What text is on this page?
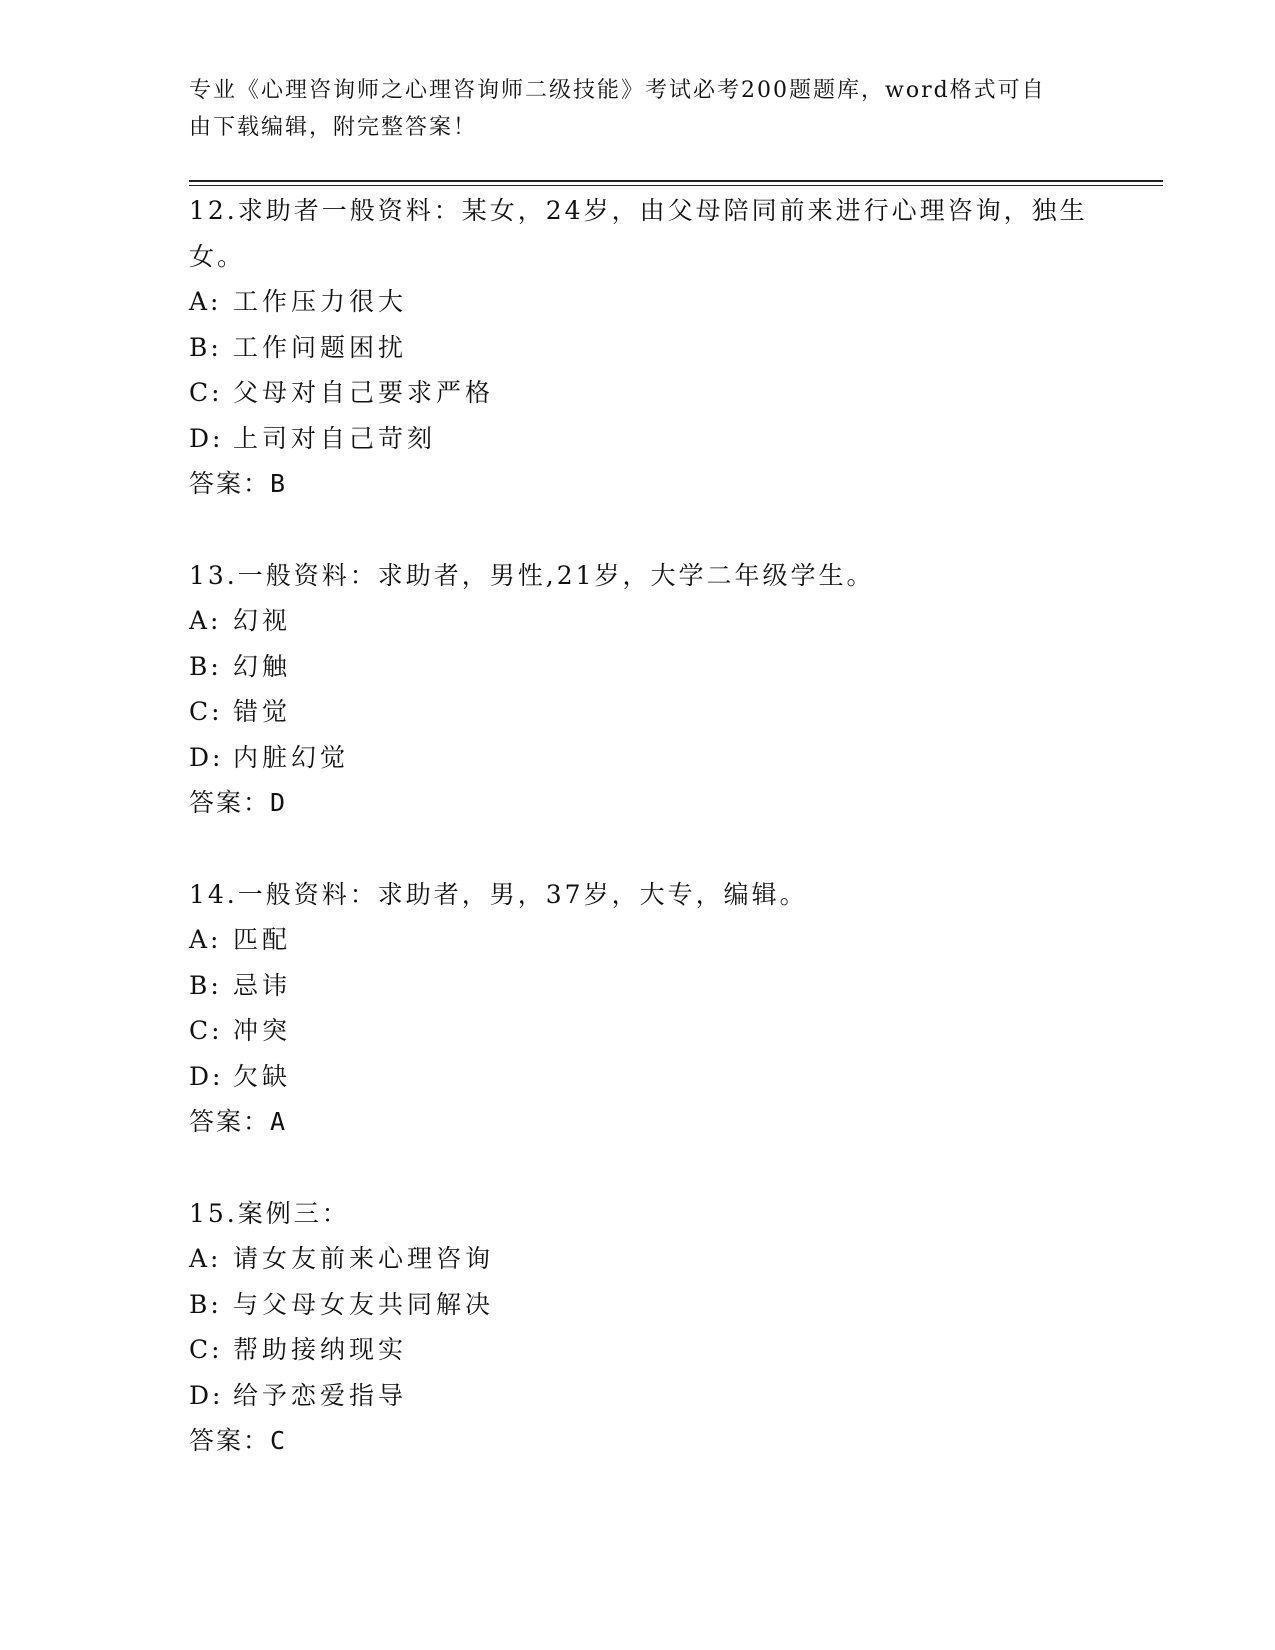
专业《心理咨询师之心理咨询师二级技能》考试必考200题题库，word格式可自
由下载编辑，附完整答案！

12.求助者一般资料：某女，24岁，由父母陪同前来进行心理咨询，独生女。

A: 工作压力很大
B: 工作问题困扰
C: 父母对自己要求严格
D: 上司对自己苛刻
答案：B

13.一般资料：求助者，男性,21岁，大学二年级学生。

A: 幻视
B: 幻触
C: 错觉
D: 内脏幻觉
答案：D

14.一般资料：求助者，男，37岁，大专，编辑。

A: 匹配
B: 忌讳
C: 冲突
D: 欠缺
答案：A

15.案例三：

A: 请女友前来心理咨询
B: 与父母女友共同解决
C: 帮助接纳现实
D: 给予恋爱指导
答案：C
